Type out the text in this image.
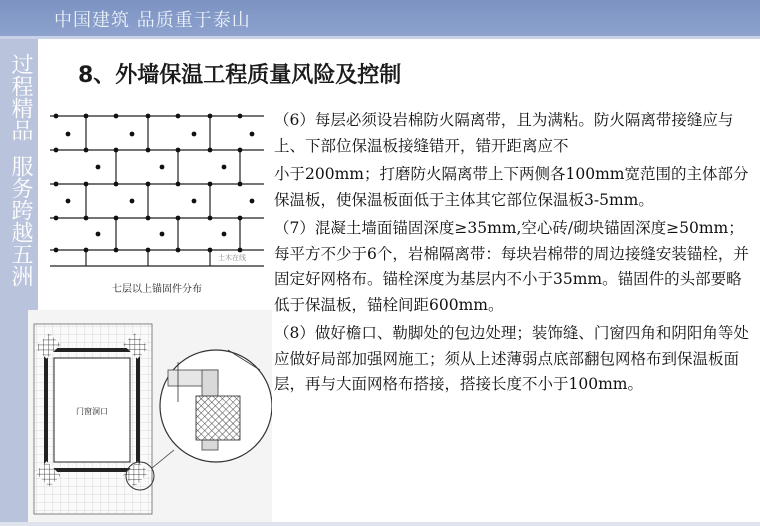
中国建筑 品质重于泰山
过程精品
服务跨越五洲
8、外墙保温工程质量风险及控制
土木在线
七层以上锚固件分布
门窗洞口

（6）每层必须设岩棉防火隔离带，且为满粘。防火隔离带接缝应与上、下部位保温板接缝错开，错开距离应不

小于200mm；打磨防火隔离带上下两侧各100mm宽范围的主体部分保温板，使保温板面低于主体其它部位保温板3-5mm。

（7）混凝土墙面锚固深度≥35mm,空心砖/砌块锚固深度≥50mm；每平方不少于6个，岩棉隔离带：每块岩棉带的周边接缝安装锚栓，并固定好网格布。锚栓深度为基层内不小于35mm。锚固件的头部要略低于保温板，锚栓间距600mm。

（8）做好檐口、勒脚处的包边处理；装饰缝、门窗四角和阴阳角等处应做好局部加强网施工；须从上述薄弱点底部翻包网格布到保温板面层，再与大面网格布搭接，搭接长度不小于100mm。
